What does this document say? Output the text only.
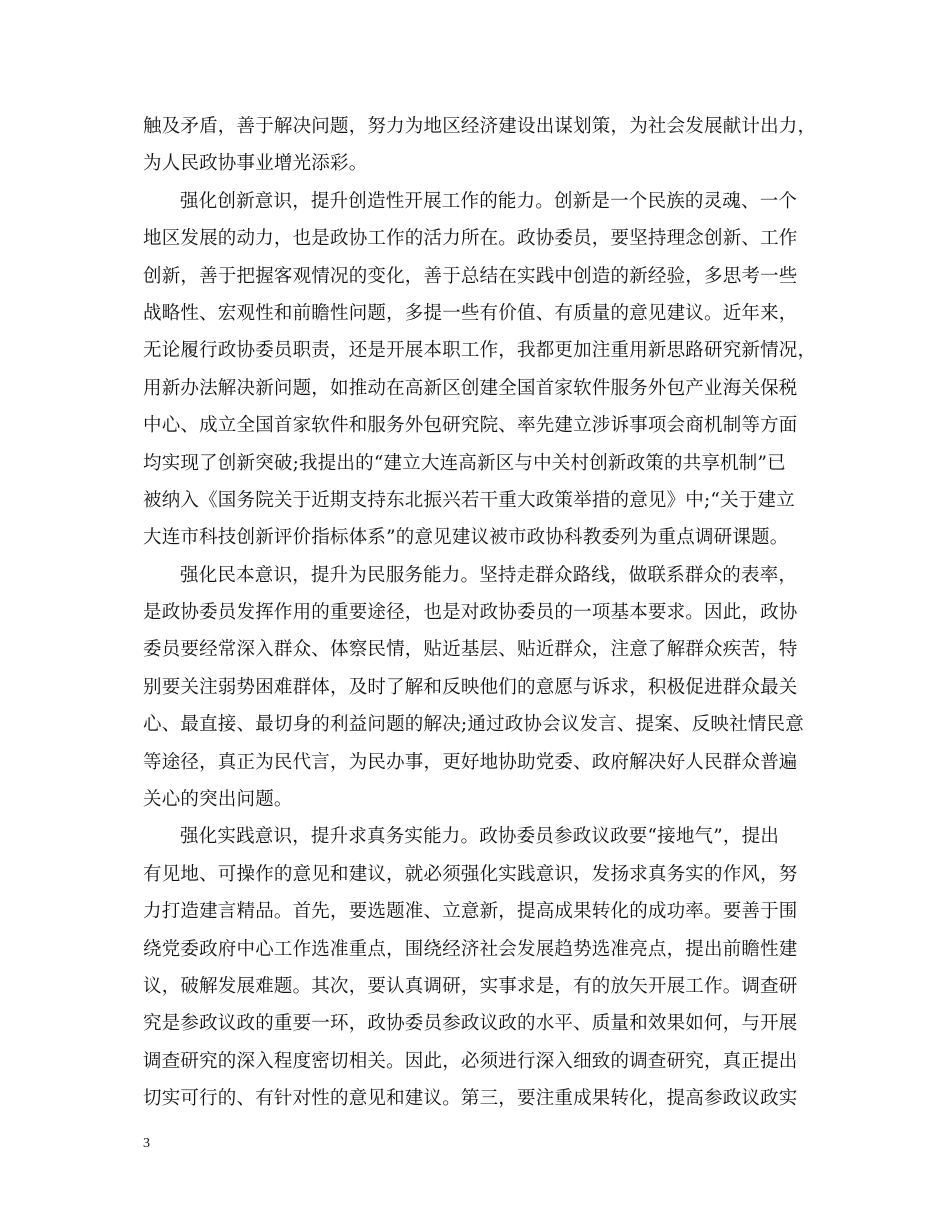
触及矛盾，善于解决问题，努力为地区经济建设出谋划策，为社会发展献计出力，
为人民政协事业增光添彩。
强化创新意识，提升创造性开展工作的能力。创新是一个民族的灵魂、一个
地区发展的动力，也是政协工作的活力所在。政协委员，要坚持理念创新、工作
创新，善于把握客观情况的变化，善于总结在实践中创造的新经验，多思考一些
战略性、宏观性和前瞻性问题，多提一些有价值、有质量的意见建议。近年来，
无论履行政协委员职责，还是开展本职工作，我都更加注重用新思路研究新情况，
用新办法解决新问题，如推动在高新区创建全国首家软件服务外包产业海关保税
中心、成立全国首家软件和服务外包研究院、率先建立涉诉事项会商机制等方面
均实现了创新突破;我提出的“建立大连高新区与中关村创新政策的共享机制”已
被纳入《国务院关于近期支持东北振兴若干重大政策举措的意见》中;“关于建立
大连市科技创新评价指标体系”的意见建议被市政协科教委列为重点调研课题。
强化民本意识，提升为民服务能力。坚持走群众路线，做联系群众的表率，
是政协委员发挥作用的重要途径，也是对政协委员的一项基本要求。因此，政协
委员要经常深入群众、体察民情，贴近基层、贴近群众，注意了解群众疾苦，特
别要关注弱势困难群体，及时了解和反映他们的意愿与诉求，积极促进群众最关
心、最直接、最切身的利益问题的解决;通过政协会议发言、提案、反映社情民意
等途径，真正为民代言，为民办事，更好地协助党委、政府解决好人民群众普遍
关心的突出问题。
强化实践意识，提升求真务实能力。政协委员参政议政要“接地气”，提出
有见地、可操作的意见和建议，就必须强化实践意识，发扬求真务实的作风，努
力打造建言精品。首先，要选题准、立意新，提高成果转化的成功率。要善于围
绕党委政府中心工作选准重点，围绕经济社会发展趋势选准亮点，提出前瞻性建
议，破解发展难题。其次，要认真调研，实事求是，有的放矢开展工作。调查研
究是参政议政的重要一环，政协委员参政议政的水平、质量和效果如何，与开展
调查研究的深入程度密切相关。因此，必须进行深入细致的调查研究，真正提出
切实可行的、有针对性的意见和建议。第三，要注重成果转化，提高参政议政实
3
